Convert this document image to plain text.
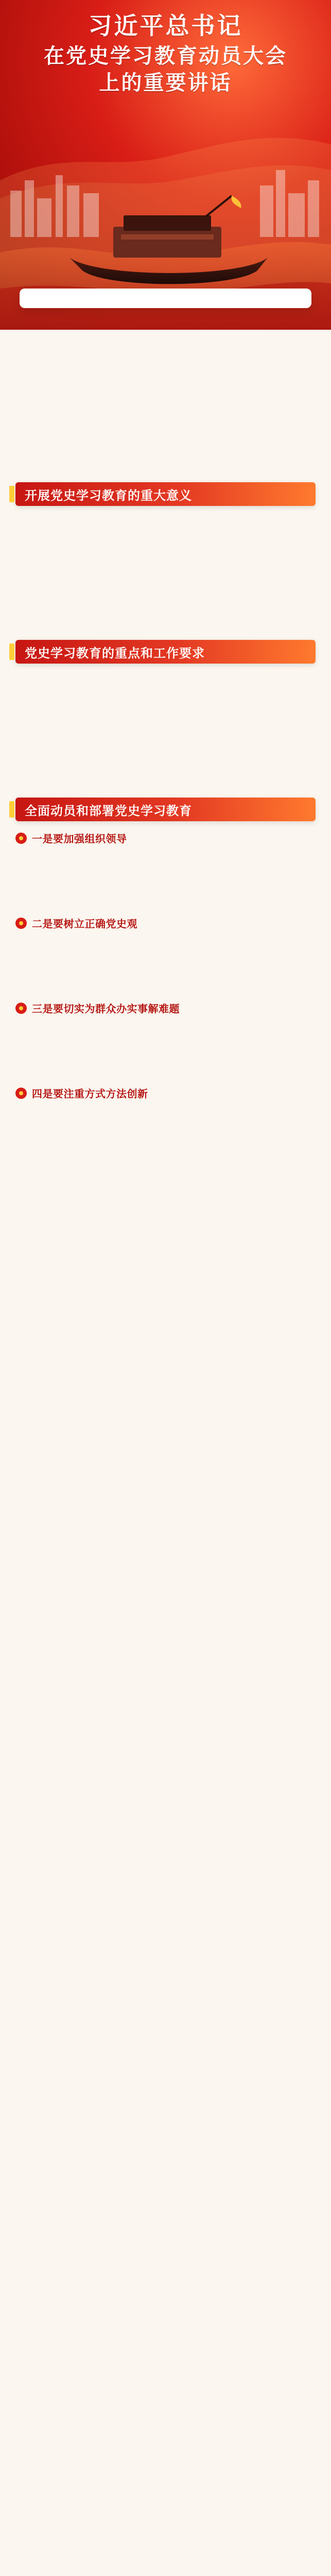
习近平总书记
在党史学习教育动员大会
上的重要讲话
开展党史学习教育的重大意义
党史学习教育的重点和工作要求
全面动员和部署党史学习教育
一是要加强组织领导
二是要树立正确党史观
三是要切实为群众办实事解难题
四是要注重方式方法创新
